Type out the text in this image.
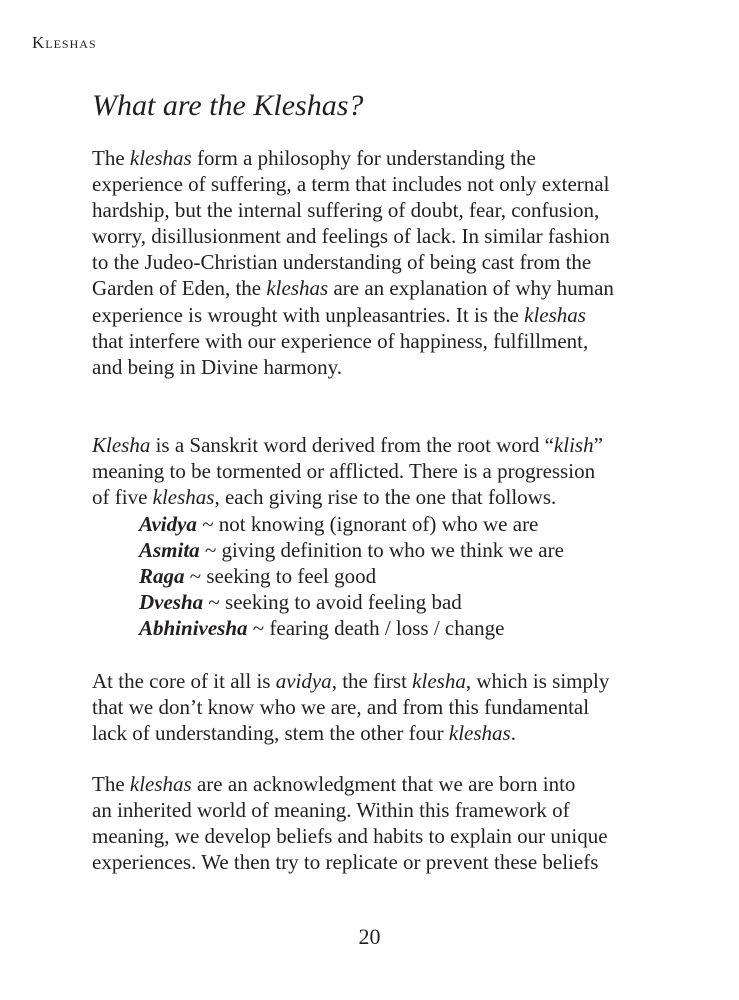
Kleshas
What are the Kleshas?
The kleshas form a philosophy for understanding the
experience of suffering, a term that includes not only external
hardship, but the internal suffering of doubt, fear, confusion,
worry, disillusionment and feelings of lack. In similar fashion
to the Judeo-Christian understanding of being cast from the
Garden of Eden, the kleshas are an explanation of why human
experience is wrought with unpleasantries. It is the kleshas
that interfere with our experience of happiness, fulfillment,
and being in Divine harmony.
Klesha is a Sanskrit word derived from the root word “klish”
meaning to be tormented or afflicted. There is a progression
of five kleshas, each giving rise to the one that follows.
Avidya ~ not knowing (ignorant of) who we are
Asmita ~ giving definition to who we think we are
Raga ~ seeking to feel good
Dvesha ~ seeking to avoid feeling bad
Abhinivesha ~ fearing death / loss / change
At the core of it all is avidya, the first klesha, which is simply
that we don’t know who we are, and from this fundamental
lack of understanding, stem the other four kleshas.
The kleshas are an acknowledgment that we are born into
an inherited world of meaning. Within this framework of
meaning, we develop beliefs and habits to explain our unique
experiences. We then try to replicate or prevent these beliefs
20
